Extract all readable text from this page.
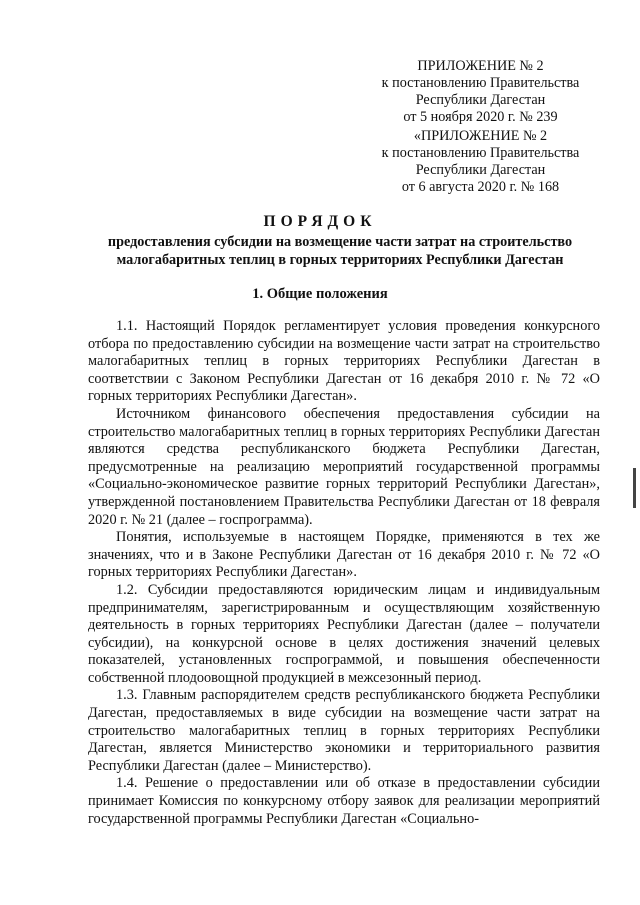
ПРИЛОЖЕНИЕ № 2
к постановлению Правительства
Республики Дагестан
от 5 ноября 2020 г. № 239
«ПРИЛОЖЕНИЕ № 2
к постановлению Правительства
Республики Дагестан
от 6 августа 2020 г. № 168
ПОРЯДОК
предоставления субсидии на возмещение части затрат на строительство малогабаритных теплиц в горных территориях Республики Дагестан
1. Общие положения

1.1. Настоящий Порядок регламентирует условия проведения конкурсного отбора по предоставлению субсидии на возмещение части затрат на строительство малогабаритных теплиц в горных территориях Республики Дагестан в соответствии с Законом Республики Дагестан от 16 декабря 2010 г. № 72 «О горных территориях Республики Дагестан».

Источником финансового обеспечения предоставления субсидии на строительство малогабаритных теплиц в горных территориях Республики Дагестан являются средства республиканского бюджета Республики Дагестан, предусмотренные на реализацию мероприятий государственной программы «Социально-экономическое развитие горных территорий Республики Дагестан», утвержденной постановлением Правительства Республики Дагестан от 18 февраля 2020 г. № 21 (далее – госпрограмма).

Понятия, используемые в настоящем Порядке, применяются в тех же значениях, что и в Законе Республики Дагестан от 16 декабря 2010 г. № 72 «О горных территориях Республики Дагестан».

1.2. Субсидии предоставляются юридическим лицам и индивидуальным предпринимателям, зарегистрированным и осуществляющим хозяйственную деятельность в горных территориях Республики Дагестан (далее – получатели субсидии), на конкурсной основе в целях достижения значений целевых показателей, установленных госпрограммой, и повышения обеспеченности собственной плодоовощной продукцией в межсезонный период.

1.3. Главным распорядителем средств республиканского бюджета Республики Дагестан, предоставляемых в виде субсидии на возмещение части затрат на строительство малогабаритных теплиц в горных территориях Республики Дагестан, является Министерство экономики и территориального развития Республики Дагестан (далее – Министерство).

1.4. Решение о предоставлении или об отказе в предоставлении субсидии принимает Комиссия по конкурсному отбору заявок для реализации мероприятий государственной программы Республики Дагестан «Социально-
